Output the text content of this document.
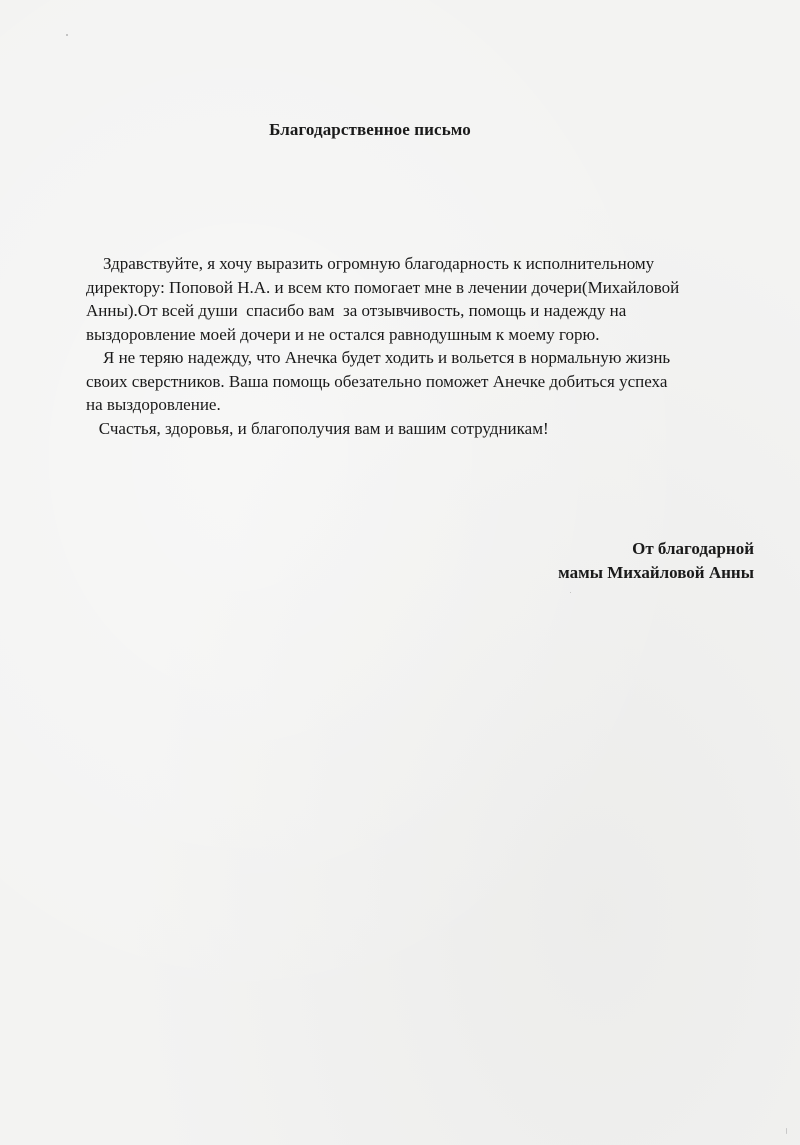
Благодарственное письмо

Здравствуйте, я хочу выразить огромную благодарность к исполнительному
директору: Поповой Н.А. и всем кто помогает мне в лечении дочери(Михайловой
Анны).От всей души  спасибо вам  за отзывчивость, помощь и надежду на
выздоровление моей дочери и не остался равнодушным к моему горю.

Я не теряю надежду, что Анечка будет ходить и вольется в нормальную жизнь
своих сверстников. Ваша помощь обезательно поможет Анечке добиться успеха
на выздоровление.

Счастья, здоровья, и благополучия вам и вашим сотрудникам!

От благодарной
мамы Михайловой Анны
